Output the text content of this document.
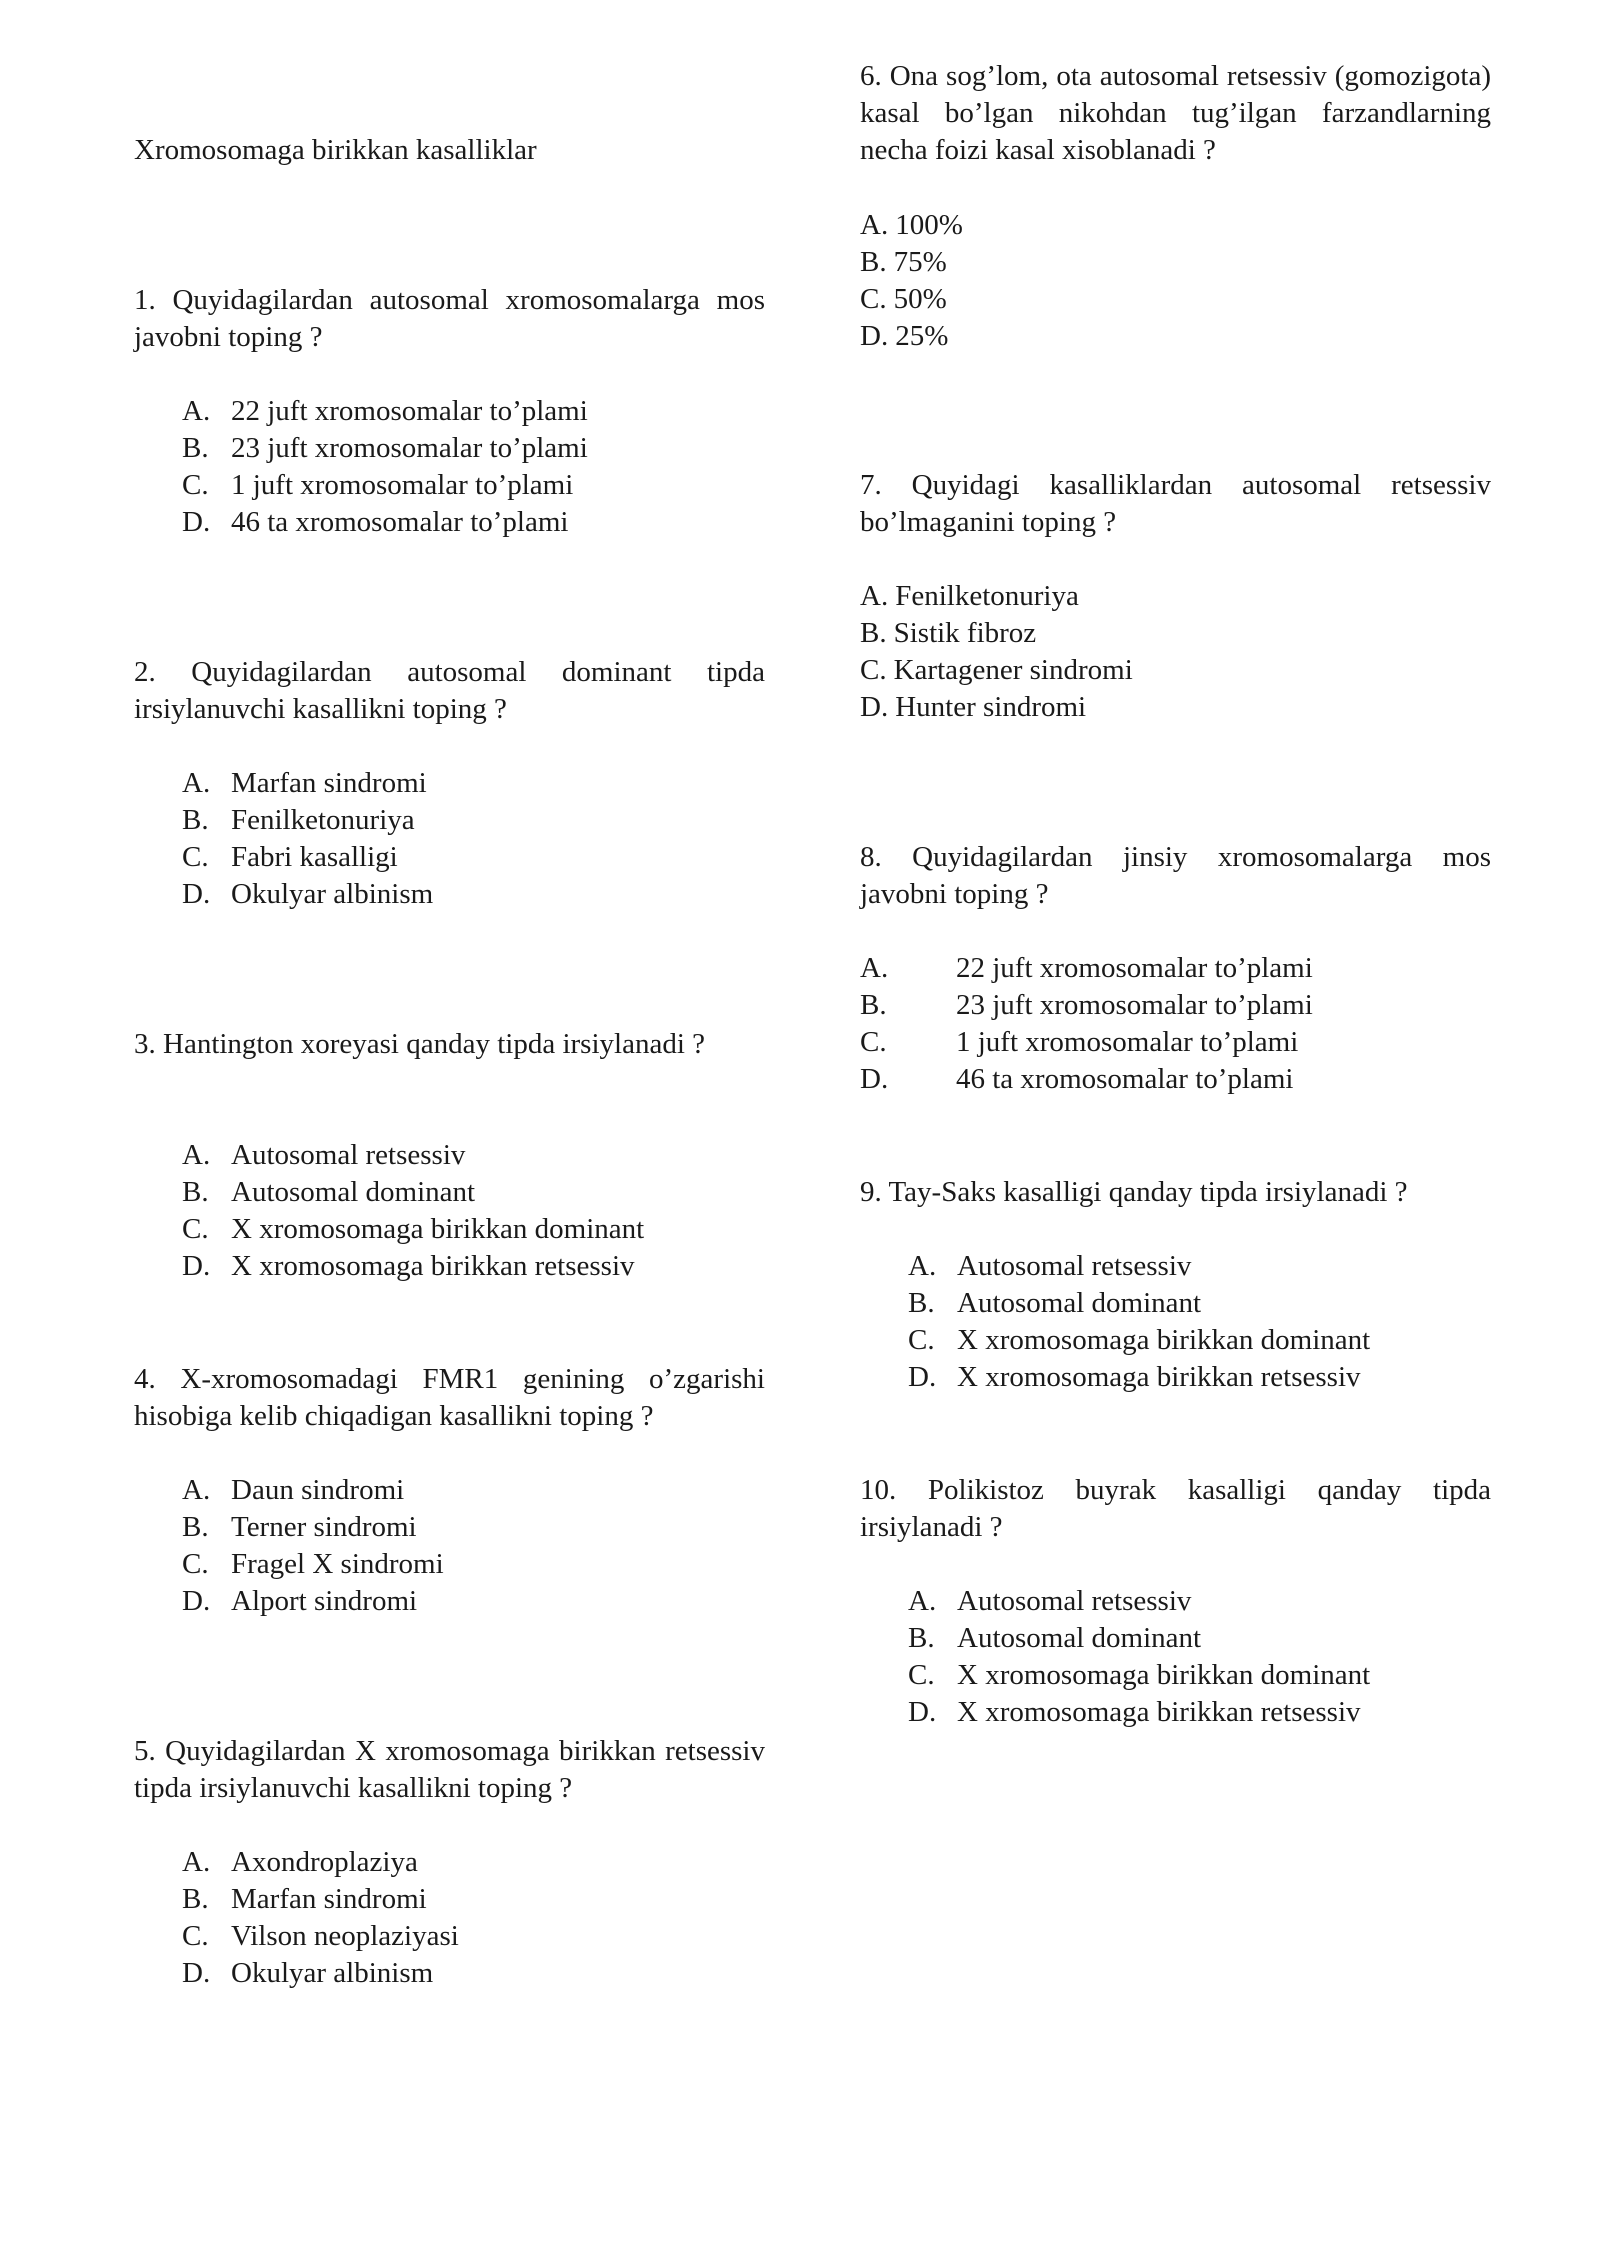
Xromosomaga birikkan kasalliklar

1. Quyidagilardan autosomal xromosomalarga mos javobni toping ?

A. 22 juft xromosomalar to’plami
B. 23 juft xromosomalar to’plami
C. 1 juft xromosomalar to’plami
D. 46 ta xromosomalar to’plami

2. Quyidagilardan autosomal dominant tipda irsiylanuvchi kasallikni toping ?

A. Marfan sindromi
B. Fenilketonuriya
C. Fabri kasalligi
D. Okulyar albinism

3. Hantington xoreyasi qanday tipda irsiylanadi ?

A. Autosomal retsessiv
B. Autosomal dominant
C. X xromosomaga birikkan dominant
D. X xromosomaga birikkan retsessiv

4. X-xromosomadagi FMR1 genining o’zgarishi hisobiga kelib chiqadigan kasallikni toping ?

A. Daun sindromi
B. Terner sindromi
C. Fragel X sindromi
D. Alport sindromi

5. Quyidagilardan X xromosomaga birikkan retsessiv tipda irsiylanuvchi kasallikni toping ?

A. Axondroplaziya
B. Marfan sindromi
C. Vilson neoplaziyasi
D. Okulyar albinism

6. Ona sog’lom, ota autosomal retsessiv (gomozigota) kasal bo’lgan nikohdan tug’ilgan farzandlarning necha foizi kasal xisoblanadi ?

A. 100%
B. 75%
C. 50%
D. 25%

7. Quyidagi kasalliklardan autosomal retsessiv bo’lmaganini toping ?

A. Fenilketonuriya
B. Sistik fibroz
C. Kartagener sindromi
D. Hunter sindromi

8. Quyidagilardan jinsiy xromosomalarga mos javobni toping ?

A.	22 juft xromosomalar to’plami
B.	23 juft xromosomalar to’plami
C.	1 juft xromosomalar to’plami
D.	46 ta xromosomalar to’plami

9. Tay-Saks kasalligi qanday tipda irsiylanadi ?

A. Autosomal retsessiv
B. Autosomal dominant
C. X xromosomaga birikkan dominant
D. X xromosomaga birikkan retsessiv

10. Polikistoz buyrak kasalligi qanday tipda irsiylanadi ?

A. Autosomal retsessiv
B. Autosomal dominant
C. X xromosomaga birikkan dominant
D. X xromosomaga birikkan retsessiv
